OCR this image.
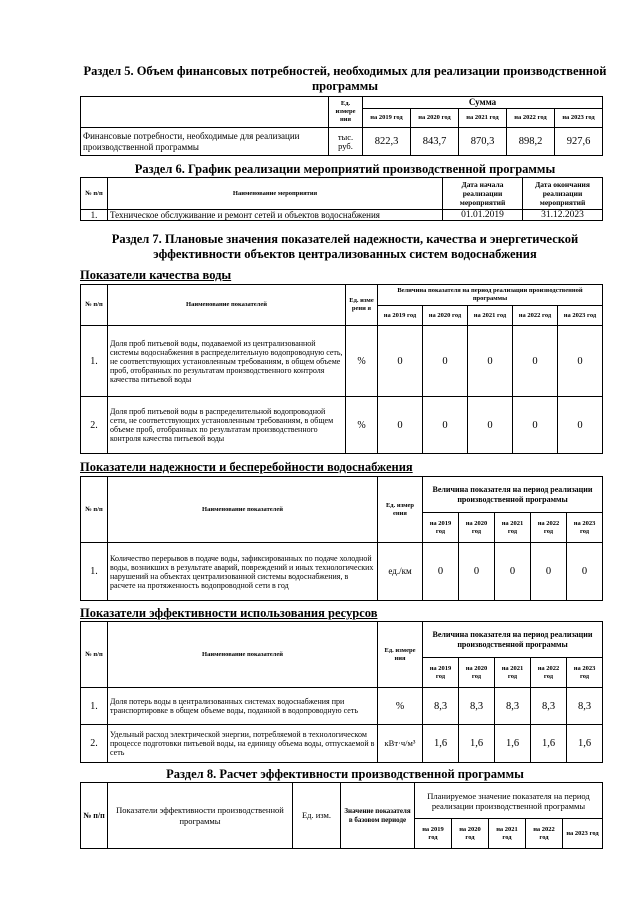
Раздел 5. Объем финансовых потребностей, необходимых для реализации производственной программы
	Ед. измере ния	Сумма				
		на 2019 год	на 2020 год	на 2021 год	на 2022 год	на 2023 год
Финансовые потребности, необходимые для реализации производственной программы	тыс. руб.	822,3	843,7	870,3	898,2	927,6
Раздел 6. График реализации мероприятий производственной программы
№ п/п	Наименование мероприятия	Дата начала реализации мероприятий	Дата окончания реализации мероприятий
1.	Техническое обслуживание и ремонт сетей и объектов водоснабжения	01.01.2019	31.12.2023
Раздел 7. Плановые значения показателей надежности, качества и энергетической эффективности объектов централизованных систем водоснабжения
Показатели качества воды
№ п/п	Наименование показателей	Ед. изме рени я	Величина показателя на период реализации производственной программы				
			на 2019 год	на 2020 год	на 2021 год	на 2022 год	на 2023 год
1.	Доля проб питьевой воды, подаваемой из централизованной системы водоснабжения в распределительную водопроводную сеть, не соответствующих установленным требованиям, в общем объеме проб, отобранных по результатам производственного контроля качества питьевой воды	%	0	0	0	0	0
2.	Доля проб питьевой воды в распределительной водопроводной сети, не соответствующих установленным требованиям, в общем объеме проб, отобранных по результатам производственного контроля качества питьевой воды	%	0	0	0	0	0
Показатели надежности и бесперебойности водоснабжения
№ п/п	Наименование показателей	Ед. измер ения	Величина показателя на период реализации производственной программы				
			на 2019 год	на 2020 год	на 2021 год	на 2022 год	на 2023 год
1.	Количество перерывов в подаче воды, зафиксированных по подаче холодной воды, возникших в результате аварий, повреждений и иных технологических нарушений на объектах централизованной системы водоснабжения, в расчете на протяженность водопроводной сети в год	ед./км	0	0	0	0	0
Показатели эффективности использования ресурсов
№ п/п	Наименование показателей	Ед. измере ния	Величина показателя на период реализации производственной программы				
			на 2019 год	на 2020 год	на 2021 год	на 2022 год	на 2023 год
1.	Доля потерь воды в централизованных системах водоснабжения при транспортировке в общем объеме воды, поданной в водопроводную сеть	%	8,3	8,3	8,3	8,3	8,3
2.	Удельный расход электрической энергии, потребляемой в технологическом процессе подготовки питьевой воды, на единицу объема воды, отпускаемой в сеть	кВт·ч/м³	1,6	1,6	1,6	1,6	1,6
Раздел 8. Расчет эффективности производственной программы
№ п/п	Показатели эффективности производственной программы	Ед. изм.	Значение показателя в базовом периоде	Планируемое значение показателя на период реализации производственной программы				
				на 2019 год	на 2020 год	на 2021 год	на 2022 год	на 2023 год
